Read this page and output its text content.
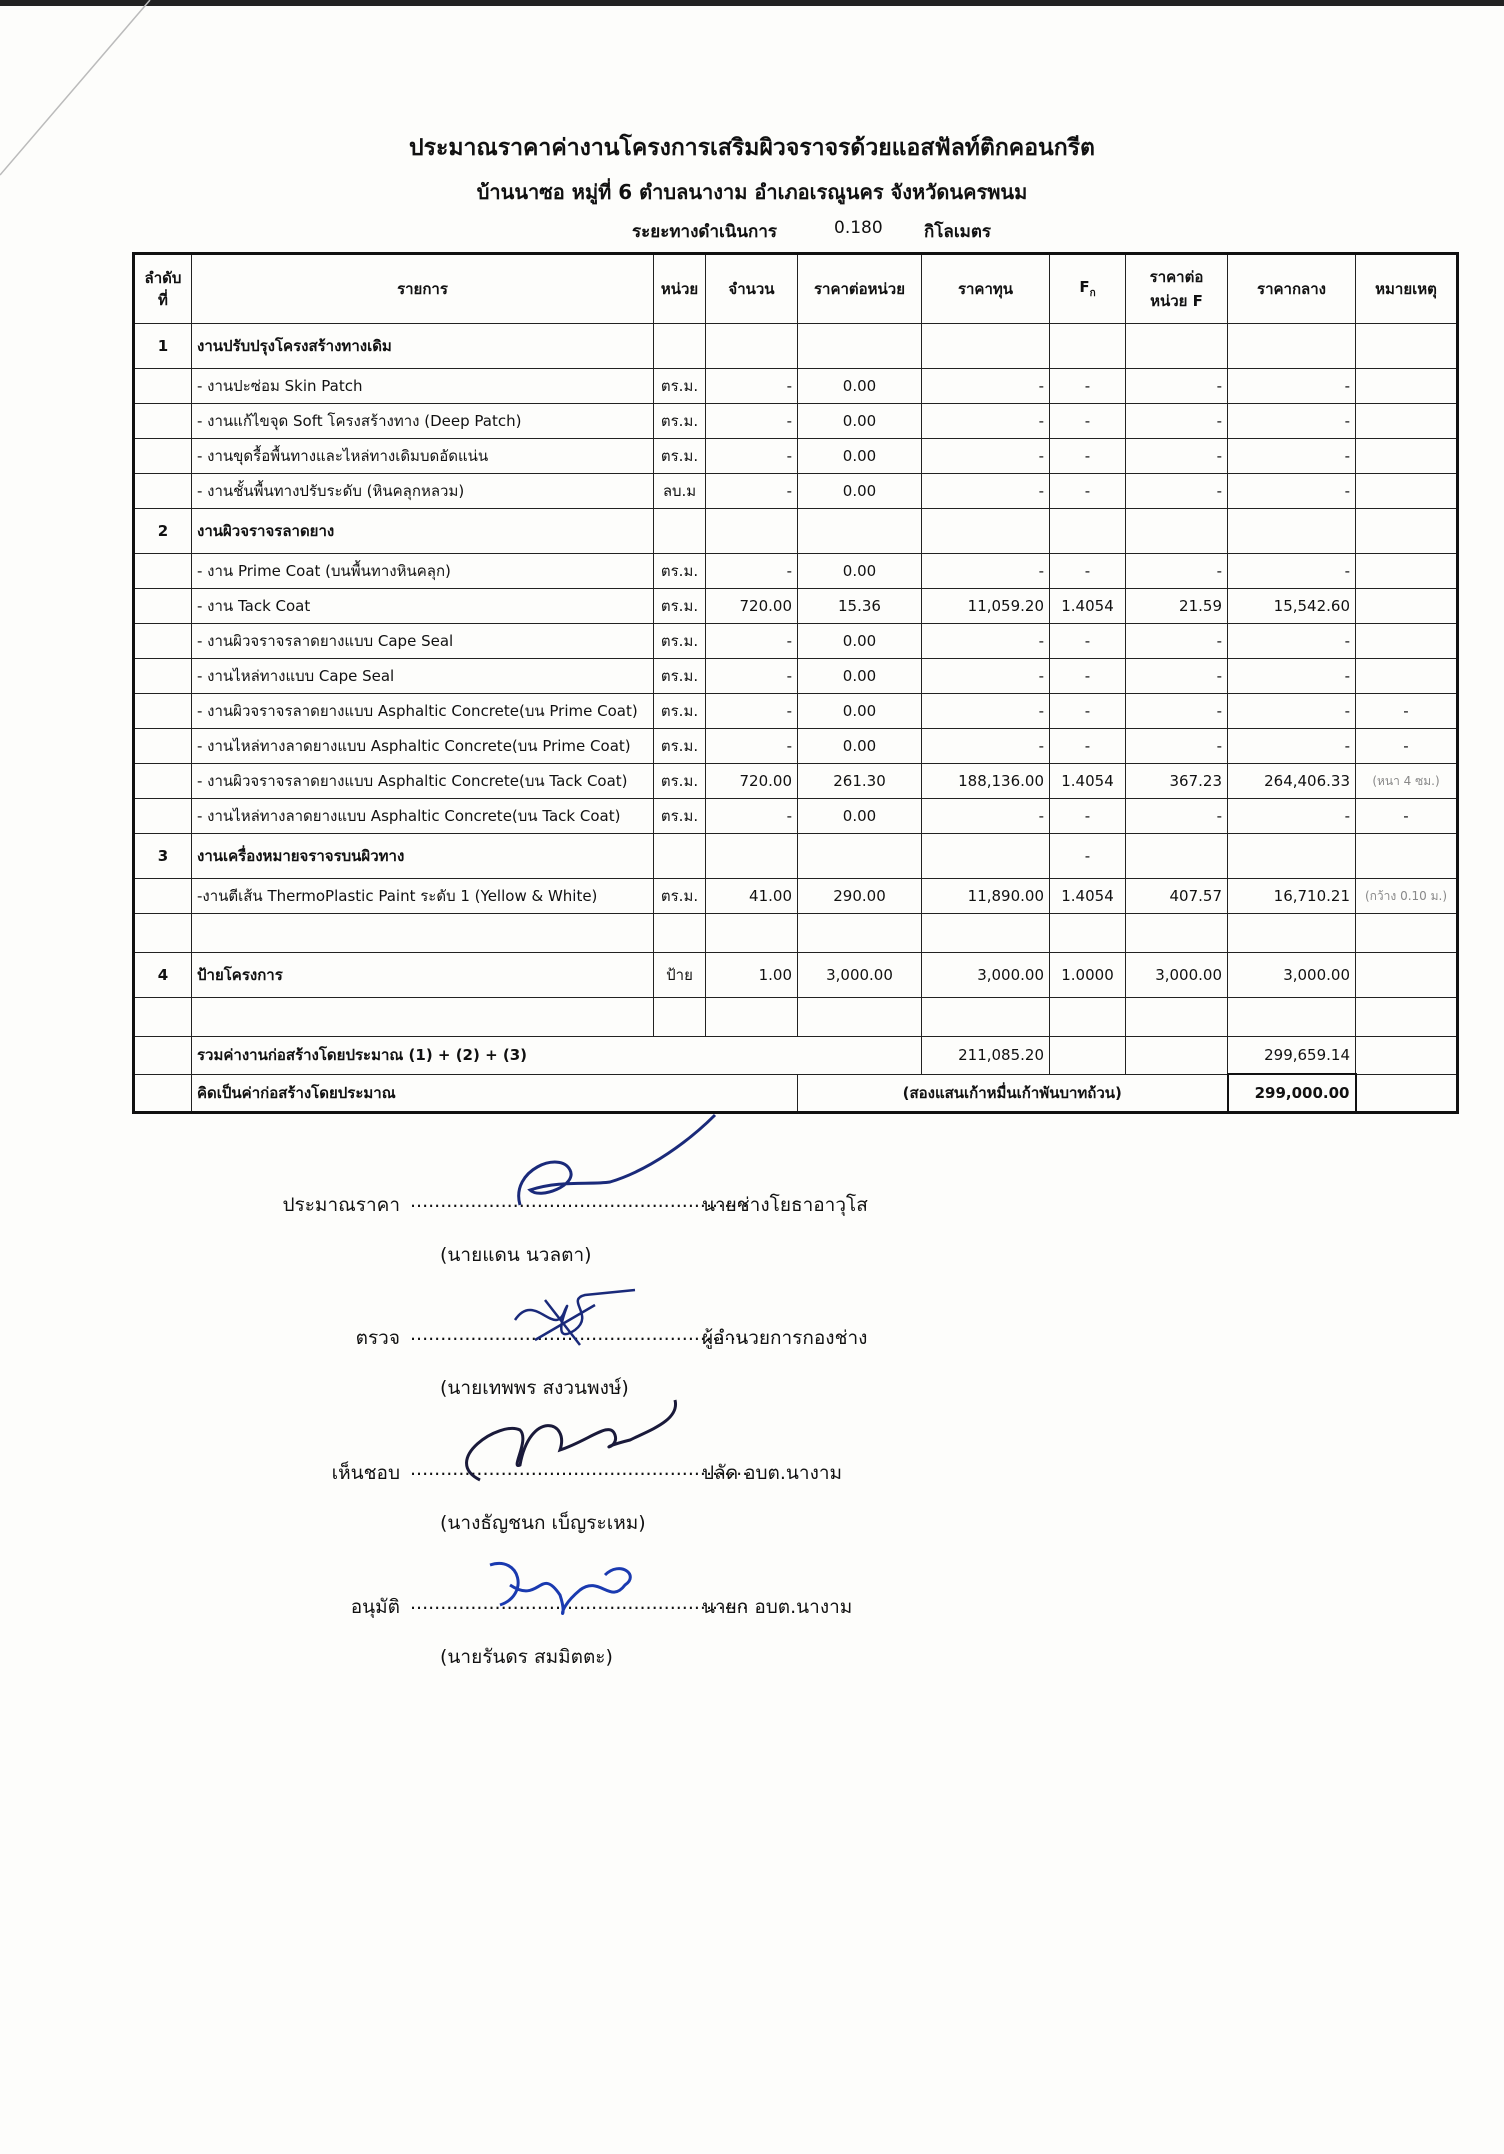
ประมาณราคาค่างานโครงการเสริมผิวจราจรด้วยแอสฟัลท์ติกคอนกรีต
บ้านนาซอ หมู่ที่ 6 ตำบลนางาม อำเภอเรณูนคร จังหวัดนครพนม
ระยะทางดำเนินการ	0.180 กิโลเมตร
ลำดับ ที่	รายการ	หน่วย	จำนวน	ราคาต่อหน่วย	ราคาทุน	$F_ก$	ราคาต่อ หน่วย F	ราคากลาง	หมายเหตุ
1	งานปรับปรุงโครงสร้างทางเดิม								
	- งานปะซ่อม Skin Patch	ตร.ม.	-	0.00	-	-	-	-	
	- งานแก้ไขจุด Soft โครงสร้างทาง (Deep Patch)	ตร.ม.	-	0.00	-	-	-	-	
	- งานขุดรื้อพื้นทางและไหล่ทางเดิมบดอัดแน่น	ตร.ม.	-	0.00	-	-	-	-	
	- งานชั้นพื้นทางปรับระดับ (หินคลุกหลวม)	ลบ.ม	-	0.00	-	-	-	-	
2	งานผิวจราจรลาดยาง								
	- งาน Prime Coat (บนพื้นทางหินคลุก)	ตร.ม.	-	0.00	-	-	-	-	
	- งาน Tack Coat	ตร.ม.	720.00	15.36	11,059.20	1.4054	21.59	15,542.60	
	- งานผิวจราจรลาดยางแบบ Cape Seal	ตร.ม.	-	0.00	-	-	-	-	
	- งานไหล่ทางแบบ Cape Seal	ตร.ม.	-	0.00	-	-	-	-	
	- งานผิวจราจรลาดยางแบบ Asphaltic Concrete(บน Prime Coat)	ตร.ม.	-	0.00	-	-	-	-	-
	- งานไหล่ทางลาดยางแบบ Asphaltic Concrete(บน Prime Coat)	ตร.ม.	-	0.00	-	-	-	-	-
	- งานผิวจราจรลาดยางแบบ Asphaltic Concrete(บน Tack Coat)	ตร.ม.	720.00	261.30	188,136.00	1.4054	367.23	264,406.33	(หนา 4 ซม.)
	- งานไหล่ทางลาดยางแบบ Asphaltic Concrete(บน Tack Coat)	ตร.ม.	-	0.00	-	-	-	-	-
3	งานเครื่องหมายจราจรบนผิวทาง					-			
	-งานตีเส้น ThermoPlastic Paint ระดับ 1 (Yellow & White)	ตร.ม.	41.00	290.00	11,890.00	1.4054	407.57	16,710.21	(กว้าง 0.10 ม.)

4	ป้ายโครงการ	ป้าย	1.00	3,000.00	3,000.00	1.0000	3,000.00	3,000.00	

	รวมค่างานก่อสร้างโดยประมาณ (1) + (2) + (3)				211,085.20			299,659.14	
	คิดเป็นค่าก่อสร้างโดยประมาณ			(สองแสนเก้าหมื่นเก้าพันบาทถ้วน)				299,000.00	
ประมาณราคา ........................................................
นายช่างโยธาอาวุโส
(นายแดน นวลตา)
ตรวจ ........................................................
ผู้อำนวยการกองช่าง
(นายเทพพร สงวนพงษ์)
เห็นชอบ ........................................................
ปลัด อบต.นางาม
(นางธัญชนก เบ็ญระเหม)
อนุมัติ ........................................................
นายก อบต.นางาม
(นายรันดร สมมิตตะ)
